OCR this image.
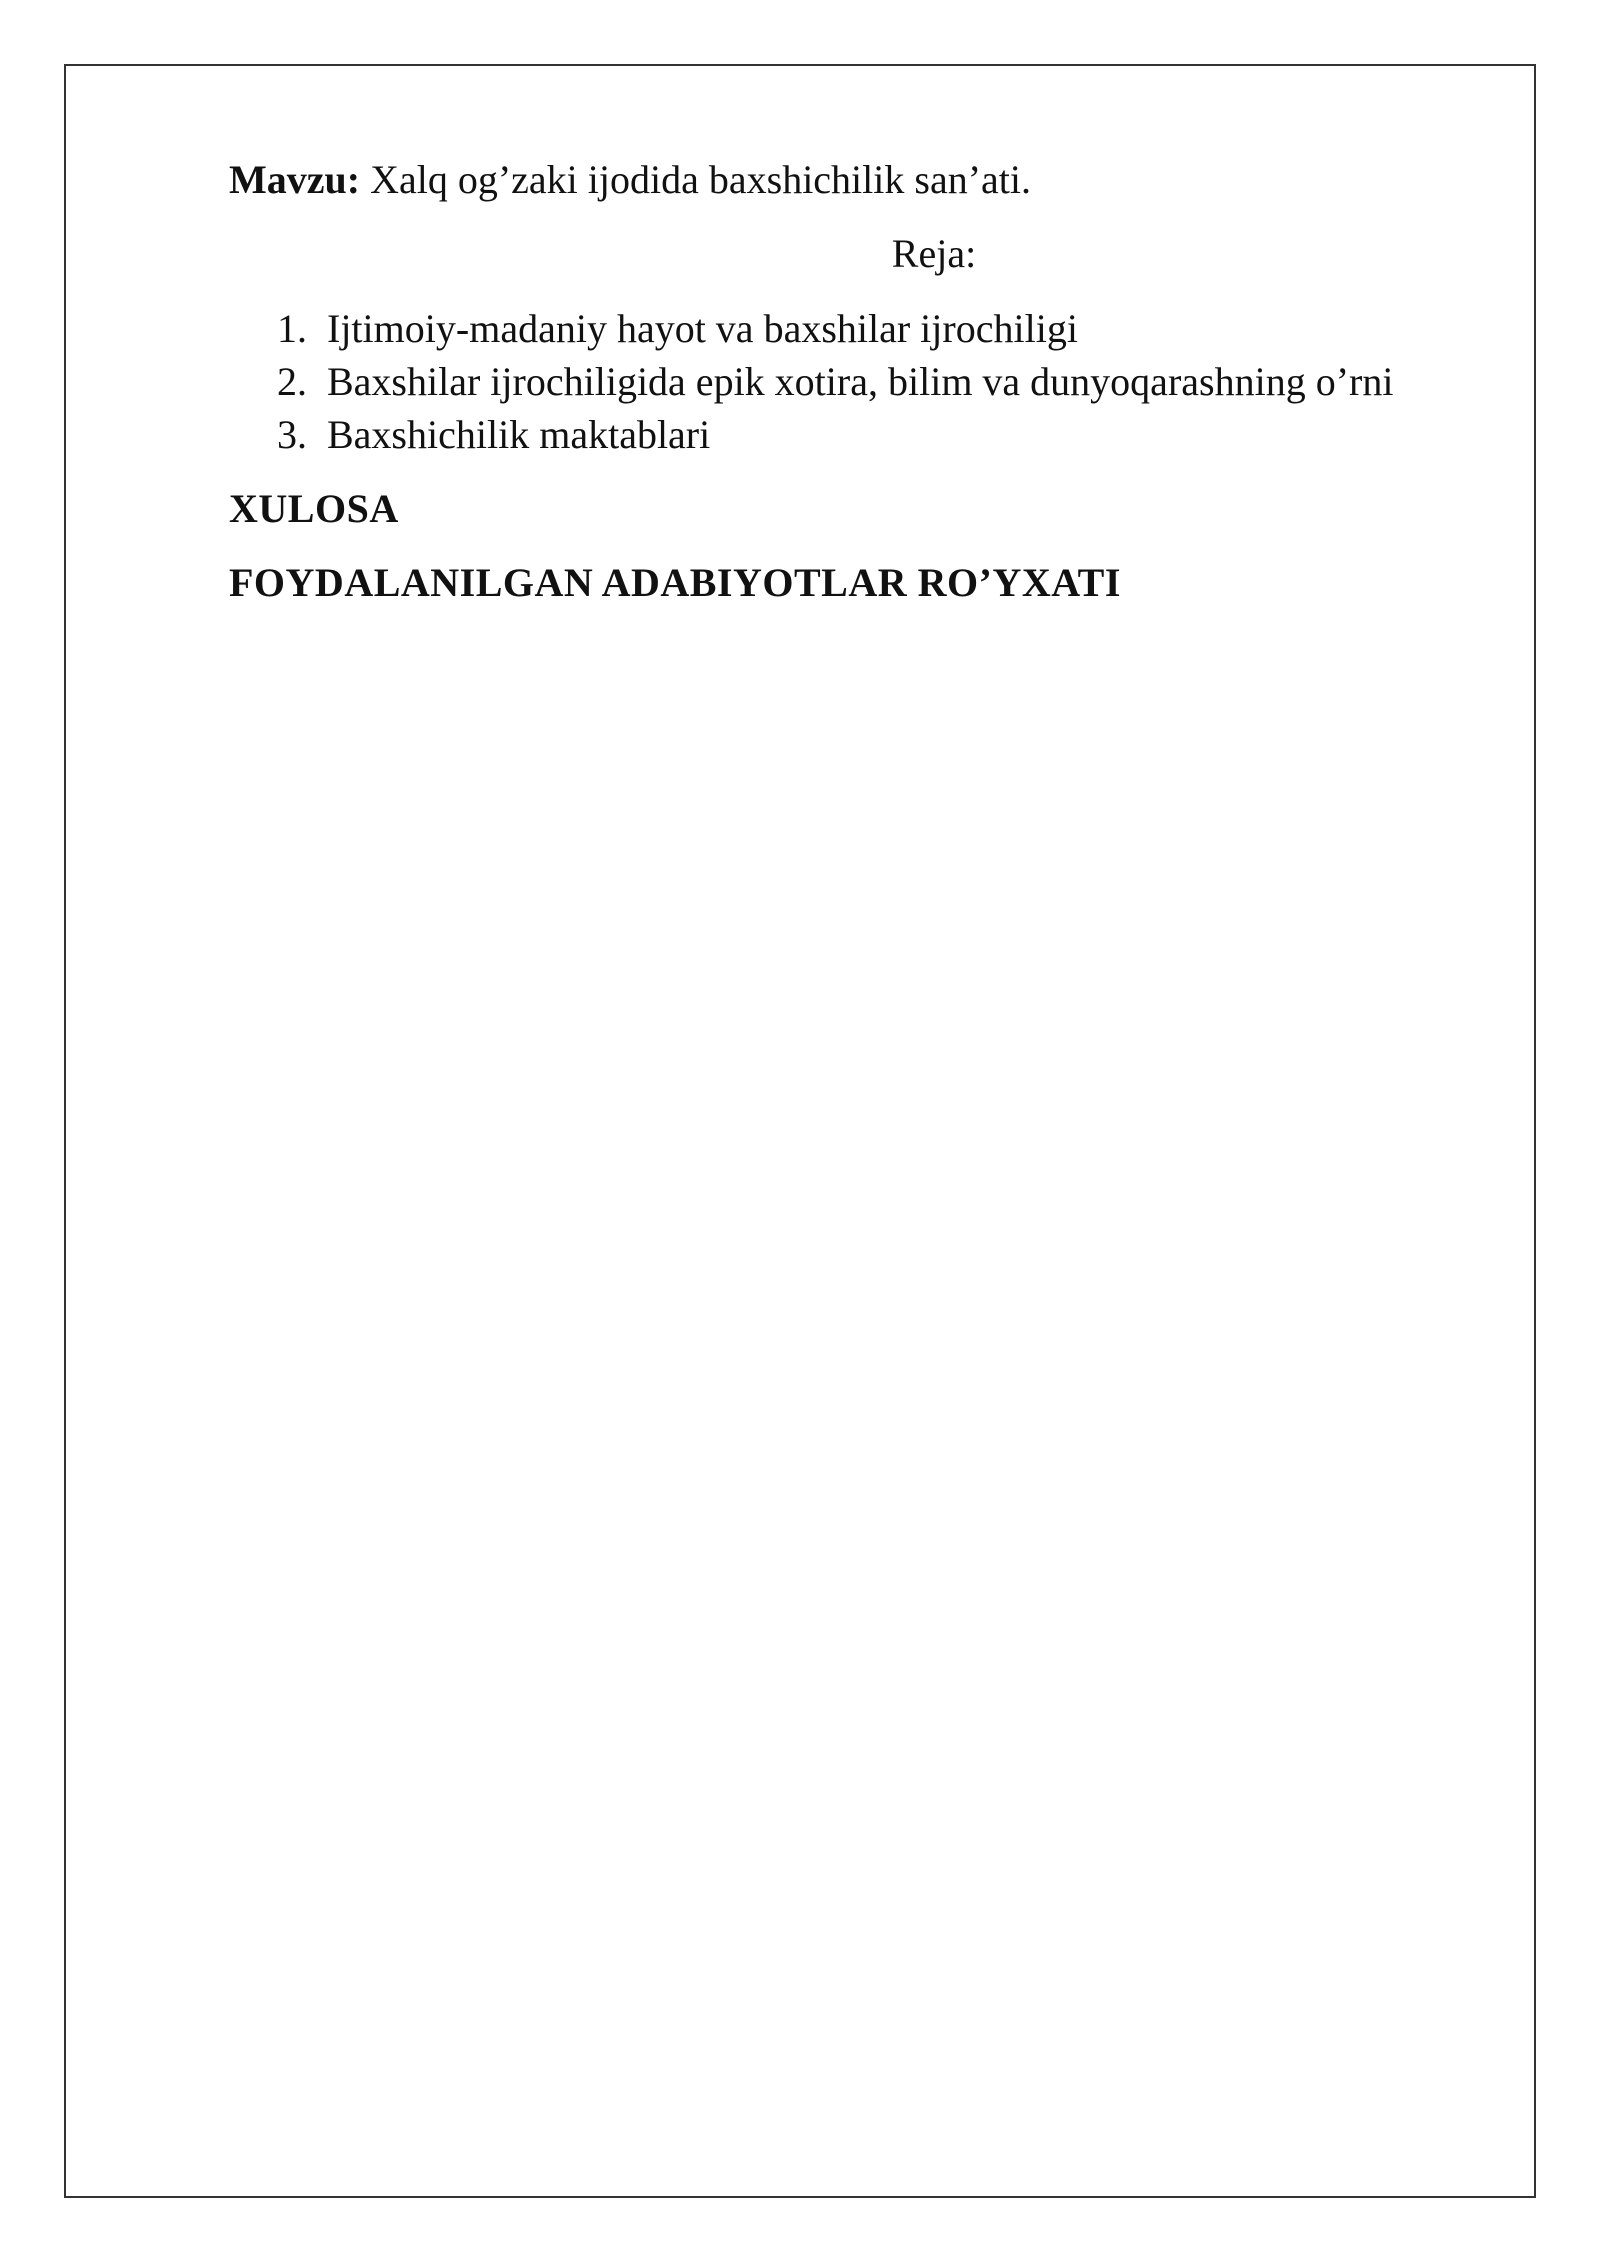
Mavzu: Xalq og’zaki ijodida baxshichilik san’ati.

Reja:

1. Ijtimoiy-madaniy hayot va baxshilar ijrochiligi
2. Baxshilar ijrochiligida epik xotira, bilim va dunyoqarashning o’rni
3. Baxshichilik maktablari

XULOSA

FOYDALANILGAN ADABIYOTLAR RO’YXATI
